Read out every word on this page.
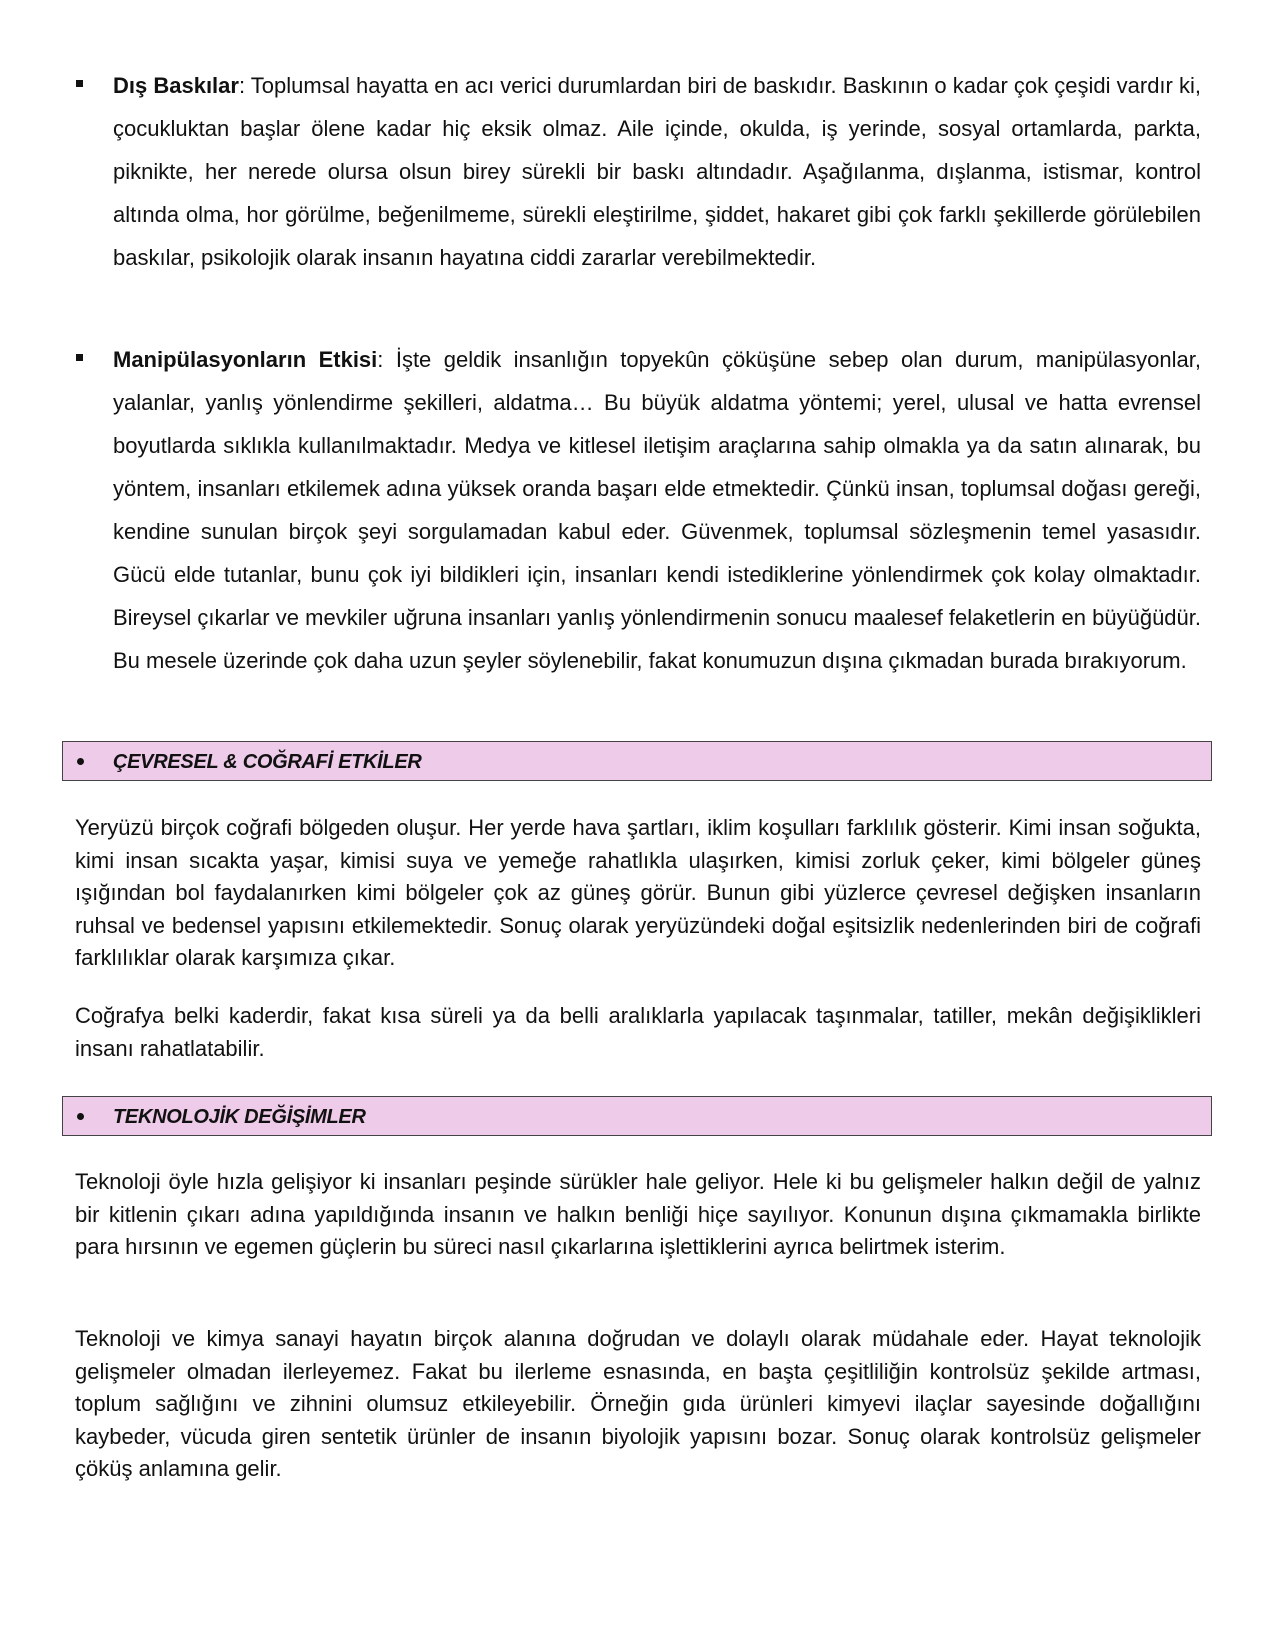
Dış Baskılar: Toplumsal hayatta en acı verici durumlardan biri de baskıdır. Baskının o kadar çok çeşidi vardır ki, çocukluktan başlar ölene kadar hiç eksik olmaz. Aile içinde, okulda, iş yerinde, sosyal ortamlarda, parkta, piknikte, her nerede olursa olsun birey sürekli bir baskı altındadır. Aşağılanma, dışlanma, istismar, kontrol altında olma, hor görülme, beğenilmeme, sürekli eleştirilme, şiddet, hakaret gibi çok farklı şekillerde görülebilen baskılar, psikolojik olarak insanın hayatına ciddi zararlar verebilmektedir.
Manipülasyonların Etkisi: İşte geldik insanlığın topyekûn çöküşüne sebep olan durum, manipülasyonlar, yalanlar, yanlış yönlendirme şekilleri, aldatma… Bu büyük aldatma yöntemi; yerel, ulusal ve hatta evrensel boyutlarda sıklıkla kullanılmaktadır. Medya ve kitlesel iletişim araçlarına sahip olmakla ya da satın alınarak, bu yöntem, insanları etkilemek adına yüksek oranda başarı elde etmektedir. Çünkü insan, toplumsal doğası gereği, kendine sunulan birçok şeyi sorgulamadan kabul eder. Güvenmek, toplumsal sözleşmenin temel yasasıdır. Gücü elde tutanlar, bunu çok iyi bildikleri için, insanları kendi istediklerine yönlendirmek çok kolay olmaktadır. Bireysel çıkarlar ve mevkiler uğruna insanları yanlış yönlendirmenin sonucu maalesef felaketlerin en büyüğüdür. Bu mesele üzerinde çok daha uzun şeyler söylenebilir, fakat konumuzun dışına çıkmadan burada bırakıyorum.
ÇEVRESEL & COĞRAFİ ETKİLER
Yeryüzü birçok coğrafi bölgeden oluşur. Her yerde hava şartları, iklim koşulları farklılık gösterir. Kimi insan soğukta, kimi insan sıcakta yaşar, kimisi suya ve yemeğe rahatlıkla ulaşırken, kimisi zorluk çeker, kimi bölgeler güneş ışığından bol faydalanırken kimi bölgeler çok az güneş görür. Bunun gibi yüzlerce çevresel değişken insanların ruhsal ve bedensel yapısını etkilemektedir. Sonuç olarak yeryüzündeki doğal eşitsizlik nedenlerinden biri de coğrafi farklılıklar olarak karşımıza çıkar.
Coğrafya belki kaderdir, fakat kısa süreli ya da belli aralıklarla yapılacak taşınmalar, tatiller, mekân değişiklikleri insanı rahatlatabilir.
TEKNOLOJİK DEĞİŞİMLER
Teknoloji öyle hızla gelişiyor ki insanları peşinde sürükler hale geliyor. Hele ki bu gelişmeler halkın değil de yalnız bir kitlenin çıkarı adına yapıldığında insanın ve halkın benliği hiçe sayılıyor. Konunun dışına çıkmamakla birlikte para hırsının ve egemen güçlerin bu süreci nasıl çıkarlarına işlettiklerini ayrıca belirtmek isterim.
Teknoloji ve kimya sanayi hayatın birçok alanına doğrudan ve dolaylı olarak müdahale eder. Hayat teknolojik gelişmeler olmadan ilerleyemez. Fakat bu ilerleme esnasında, en başta çeşitliliğin kontrolsüz şekilde artması, toplum sağlığını ve zihnini olumsuz etkileyebilir. Örneğin gıda ürünleri kimyevi ilaçlar sayesinde doğallığını kaybeder, vücuda giren sentetik ürünler de insanın biyolojik yapısını bozar. Sonuç olarak kontrolsüz gelişmeler çöküş anlamına gelir.
